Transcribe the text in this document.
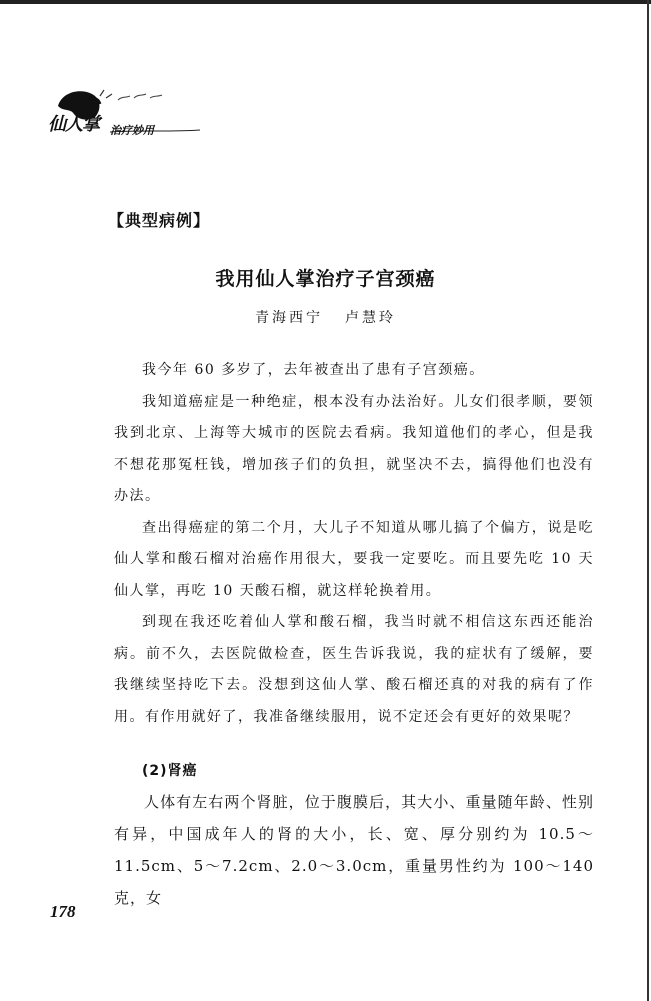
仙人掌 治疗妙用
【典型病例】
我用仙人掌治疗子宫颈癌
青海西宁 卢慧玲

我今年 60 多岁了，去年被查出了患有子宫颈癌。

我知道癌症是一种绝症，根本没有办法治好。儿女们很孝顺，要领我到北京、上海等大城市的医院去看病。我知道他们的孝心，但是我不想花那冤枉钱，增加孩子们的负担，就坚决不去，搞得他们也没有办法。

查出得癌症的第二个月，大儿子不知道从哪儿搞了个偏方，说是吃仙人掌和酸石榴对治癌作用很大，要我一定要吃。而且要先吃 10 天仙人掌，再吃 10 天酸石榴，就这样轮换着用。

到现在我还吃着仙人掌和酸石榴，我当时就不相信这东西还能治病。前不久，去医院做检查，医生告诉我说，我的症状有了缓解，要我继续坚持吃下去。没想到这仙人掌、酸石榴还真的对我的病有了作用。有作用就好了，我准备继续服用，说不定还会有更好的效果呢？

(2)肾癌

人体有左右两个肾脏，位于腹膜后，其大小、重量随年龄、性别有异，中国成年人的肾的大小，长、宽、厚分别约为 10.5～11.5cm、5～7.2cm、2.0～3.0cm，重量男性约为 100～140 克，女

178
